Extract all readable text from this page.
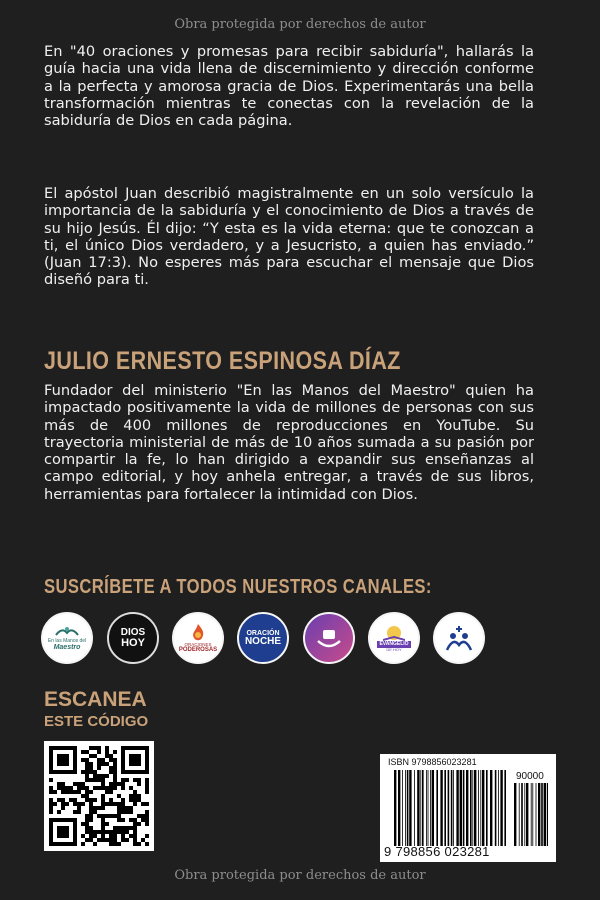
Obra protegida por derechos de autor

En "40 oraciones y promesas para recibir sabiduría", hallarás la guía hacia una vida llena de discernimiento y dirección conforme a la perfecta y amorosa gracia de Dios. Experimentarás una bella transformación mientras te conectas con la revelación de la sabiduría de Dios en cada página.

El apóstol Juan describió magistralmente en un solo versículo la importancia de la sabiduría y el conocimiento de Dios a través de su hijo Jesús. Él dijo: “Y esta es la vida eterna: que te conozcan a ti, el único Dios verdadero, y a Jesucristo, a quien has enviado.” (Juan 17:3). No esperes más para escuchar el mensaje que Dios diseñó para ti.

JULIO ERNESTO ESPINOSA DÍAZ

Fundador del ministerio "En las Manos del Maestro" quien ha impactado positivamente la vida de millones de personas con sus más de 400 millones de reproducciones en YouTube. Su trayectoria ministerial de más de 10 años sumada a su pasión por compartir la fe, lo han dirigido a expandir sus enseñanzas al campo editorial, y hoy anhela entregar, a través de sus libros, herramientas para fortalecer la intimidad con Dios.

SUSCRÍBETE A TODOS NUESTROS CANALES:
En las Manos del
Maestro
DIOS
HOY	ORACIONES
PODEROSAS
ORACIÓN
NOCHE	EVANGELIO
DE HOY
ESCANEA
ESTE CÓDIGO
ISBN 9798856023281
90000
9 798856 023281
Obra protegida por derechos de autor
